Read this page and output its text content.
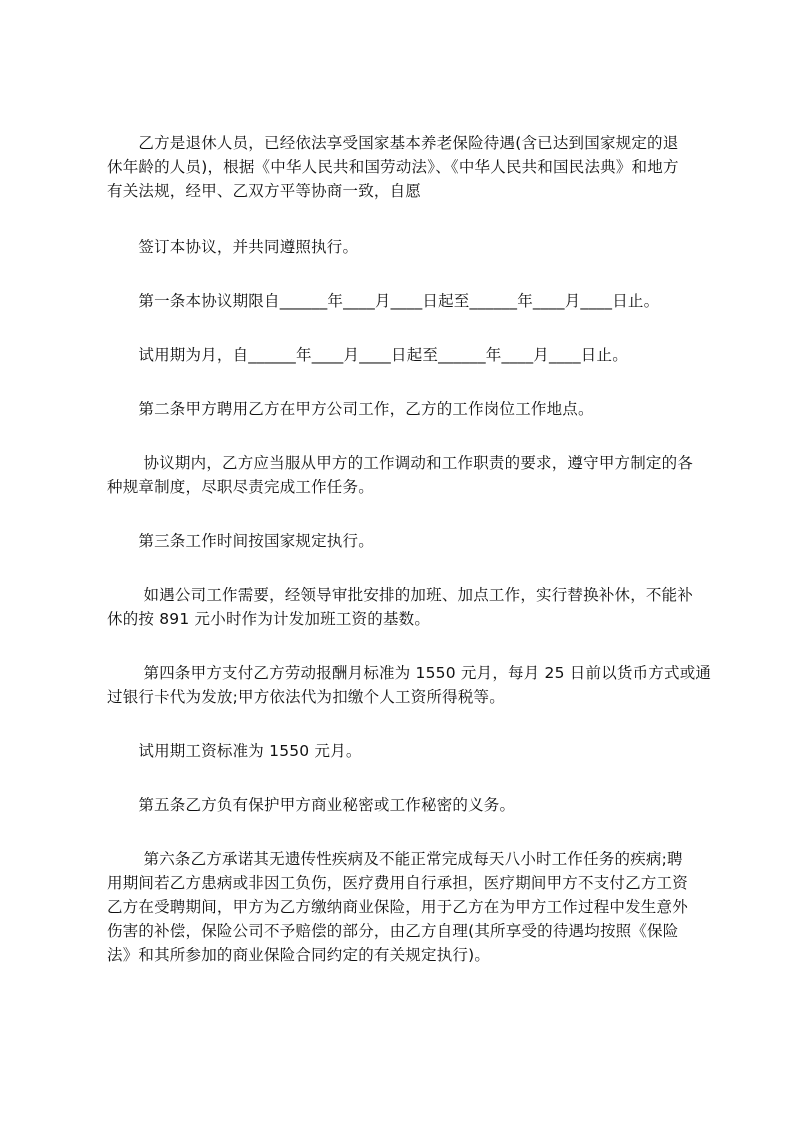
　　乙方是退休人员，已经依法享受国家基本养老保险待遇(含已达到国家规定的退
休年龄的人员)，根据《中华人民共和国劳动法》、《中华人民共和国民法典》和地方
有关法规，经甲、乙双方平等协商一致，自愿

　　签订本协议，并共同遵照执行。

　　第一条本协议期限自______年____月____日起至______年____月____日止。

　　试用期为月，自______年____月____日起至______年____月____日止。

　　第二条甲方聘用乙方在甲方公司工作，乙方的工作岗位工作地点。

　　 协议期内，乙方应当服从甲方的工作调动和工作职责的要求，遵守甲方制定的各
种规章制度，尽职尽责完成工作任务。

　　第三条工作时间按国家规定执行。

　　 如遇公司工作需要，经领导审批安排的加班、加点工作，实行替换补休，不能补
休的按 891 元小时作为计发加班工资的基数。

　　 第四条甲方支付乙方劳动报酬月标准为 1550 元月，每月 25 日前以货币方式或通
过银行卡代为发放;甲方依法代为扣缴个人工资所得税等。

　　试用期工资标准为 1550 元月。

　　第五条乙方负有保护甲方商业秘密或工作秘密的义务。

　　 第六条乙方承诺其无遗传性疾病及不能正常完成每天八小时工作任务的疾病;聘
用期间若乙方患病或非因工负伤，医疗费用自行承担，医疗期间甲方不支付乙方工资
乙方在受聘期间，甲方为乙方缴纳商业保险，用于乙方在为甲方工作过程中发生意外
伤害的补偿，保险公司不予赔偿的部分，由乙方自理(其所享受的待遇均按照《保险
法》和其所参加的商业保险合同约定的有关规定执行)。
